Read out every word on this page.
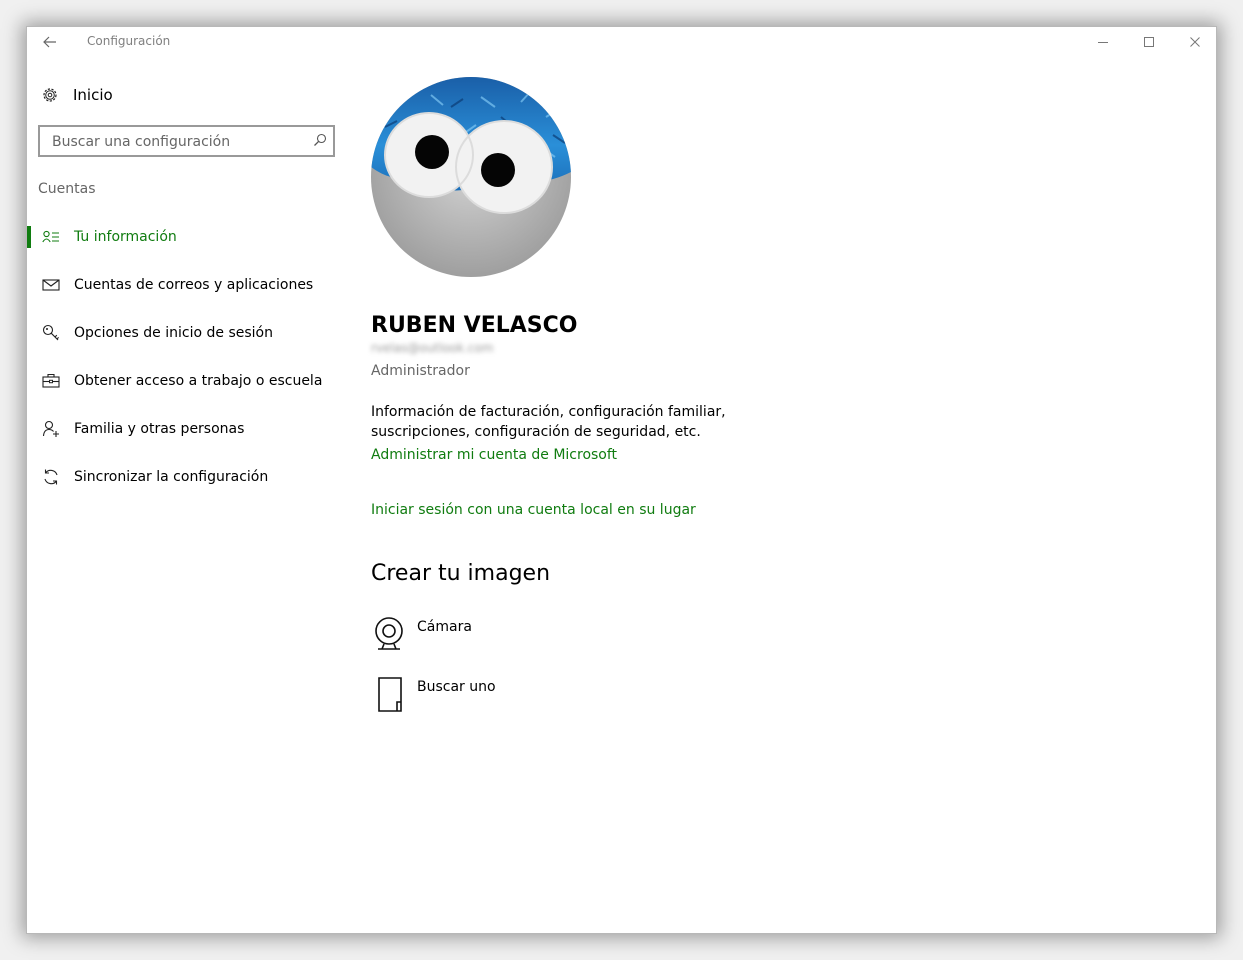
Configuración
Inicio
Buscar una configuración
Cuentas
Tu información
Cuentas de correos y aplicaciones
Opciones de inicio de sesión
Obtener acceso a trabajo o escuela
Familia y otras personas
Sincronizar la configuración
RUBEN VELASCO
rvelas@outlook.com
Administrador
Información de facturación, configuración familiar, suscripciones, configuración de seguridad, etc.
Administrar mi cuenta de Microsoft
Iniciar sesión con una cuenta local en su lugar
Crear tu imagen
Cámara
Buscar uno
